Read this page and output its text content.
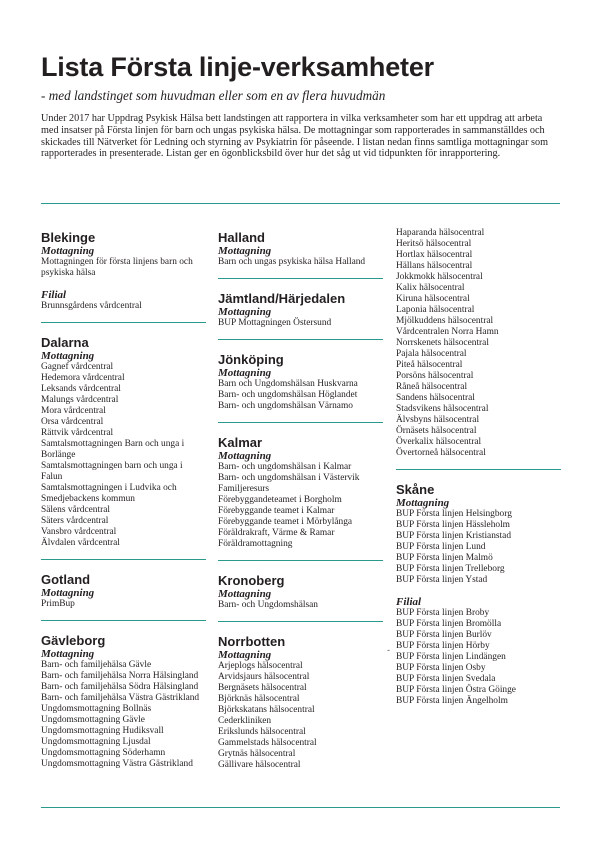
Lista Första linje-verksamheter
- med landstinget som huvudman eller som en av flera huvudmän

Under 2017 har Uppdrag Psykisk Hälsa bett landstingen att rapportera in vilka verksamheter som har ett uppdrag att arbeta med insatser på Första linjen för barn och ungas psykiska hälsa. De mottagningar som rapporterades in sammanställdes och skickades till Nätverket för Ledning och styrning av Psykiatrin för påseende. I listan nedan finns samtliga mottagningar som rapporterades in presenterade. Listan ger en ögonblicksbild över hur det såg ut vid tidpunkten för inrapportering.

Blekinge
Mottagning
Mottagningen för första linjens barn och
psykiska hälsa
Filial
Brunnsgårdens vårdcentral
Dalarna
Mottagning
Gagnef vårdcentral
Hedemora vårdcentral
Leksands vårdcentral
Malungs vårdcentral
Mora vårdcentral
Orsa vårdcentral
Rättvik vårdcentral
Samtalsmottagningen Barn och unga i
Borlänge
Samtalsmottagningen barn och unga i
Falun
Samtalsmottagningen i Ludvika och
Smedjebackens kommun
Sälens vårdcentral
Säters vårdcentral
Vansbro vårdcentral
Älvdalen vårdcentral
Gotland
Mottagning
PrimBup
Gävleborg
Mottagning
Barn- och familjehälsa Gävle
Barn- och familjehälsa Norra Hälsingland
Barn- och familjehälsa Södra Hälsingland
Barn- och familjehälsa Västra Gästrikland
Ungdomsmottagning Bollnäs
Ungdomsmottagning Gävle
Ungdomsmottagning Hudiksvall
Ungdomsmottagning Ljusdal
Ungdomsmottagning Söderhamn
Ungdomsmottagning Västra Gästrikland
Halland
Mottagning
Barn och ungas psykiska hälsa Halland
Jämtland/Härjedalen
Mottagning
BUP Mottagningen Östersund
Jönköping
Mottagning
Barn och Ungdomshälsan Huskvarna
Barn- och ungdomshälsan Höglandet
Barn- och ungdomshälsan Värnamo
Kalmar
Mottagning
Barn- och ungdomshälsan i Kalmar
Barn- och ungdomshälsan i Västervik
Familjeresurs
Förebyggandeteamet i Borgholm
Förebyggande teamet i Kalmar
Förebyggande teamet i Mörbylånga
Föräldrakraft, Värme & Ramar
Föräldramottagning
Kronoberg
Mottagning
Barn- och Ungdomshälsan
Norrbotten
Mottagning
Arjeplogs hälsocentral
Arvidsjaurs hälsocentral
Bergnäsets hälsocentral
Björknäs hälsocentral
Björkskatans hälsocentral
Cederkliniken
Erikslunds hälsocentral
Gammelstads hälsocentral
Grytnäs hälsocentral
Gällivare hälsocentral
Haparanda hälsocentral
Heritsö hälsocentral
Hortlax hälsocentral
Hällans hälsocentral
Jokkmokk hälsocentral
Kalix hälsocentral
Kiruna hälsocentral
Laponia hälsocentral
Mjölkuddens hälsocentral
Vårdcentralen Norra Hamn
Norrskenets hälsocentral
Pajala hälsocentral
Piteå hälsocentral
Porsöns hälsocentral
Råneå hälsocentral
Sandens hälsocentral
Stadsvikens hälsocentral
Älvsbyns hälsocentral
Örnäsets hälsocentral
Överkalix hälsocentral
Övertorneå hälsocentral
Skåne
Mottagning
BUP Första linjen Helsingborg
BUP Första linjen Hässleholm
BUP Första linjen Kristianstad
BUP Första linjen Lund
BUP Första linjen Malmö
BUP Första linjen Trelleborg
BUP Första linjen Ystad
Filial
BUP Första linjen Broby
BUP Första linjen Bromölla
BUP Första linjen Burlöv
BUP Första linjen Hörby
BUP Första linjen Lindängen
BUP Första linjen Osby
BUP Första linjen Svedala
BUP Första linjen Östra Göinge
BUP Första linjen Ängelholm
-
